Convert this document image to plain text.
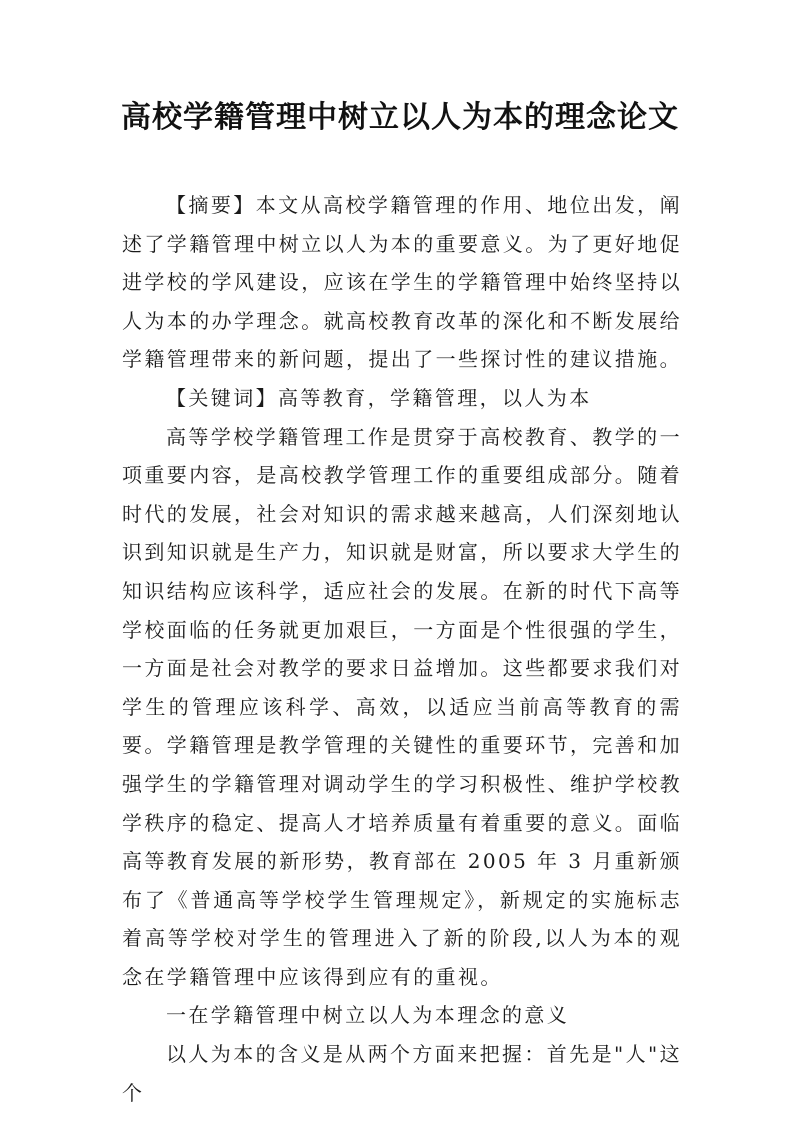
高校学籍管理中树立以人为本的理念论文

【摘要】本文从高校学籍管理的作用、地位出发，阐述了学籍管理中树立以人为本的重要意义。为了更好地促进学校的学风建设，应该在学生的学籍管理中始终坚持以人为本的办学理念。就高校教育改革的深化和不断发展给学籍管理带来的新问题，提出了一些探讨性的建议措施。

【关键词】高等教育，学籍管理，以人为本

高等学校学籍管理工作是贯穿于高校教育、教学的一项重要内容，是高校教学管理工作的重要组成部分。随着时代的发展，社会对知识的需求越来越高，人们深刻地认识到知识就是生产力，知识就是财富，所以要求大学生的知识结构应该科学，适应社会的发展。在新的时代下高等学校面临的任务就更加艰巨，一方面是个性很强的学生，一方面是社会对教学的要求日益增加。这些都要求我们对学生的管理应该科学、高效，以适应当前高等教育的需要。学籍管理是教学管理的关键性的重要环节，完善和加强学生的学籍管理对调动学生的学习积极性、维护学校教学秩序的稳定、提高人才培养质量有着重要的意义。面临高等教育发展的新形势，教育部在 2005 年 3 月重新颁布了《普通高等学校学生管理规定》，新规定的实施标志着高等学校对学生的管理进入了新的阶段,以人为本的观念在学籍管理中应该得到应有的重视。

一在学籍管理中树立以人为本理念的意义

以人为本的含义是从两个方面来把握：首先是"人"这个
